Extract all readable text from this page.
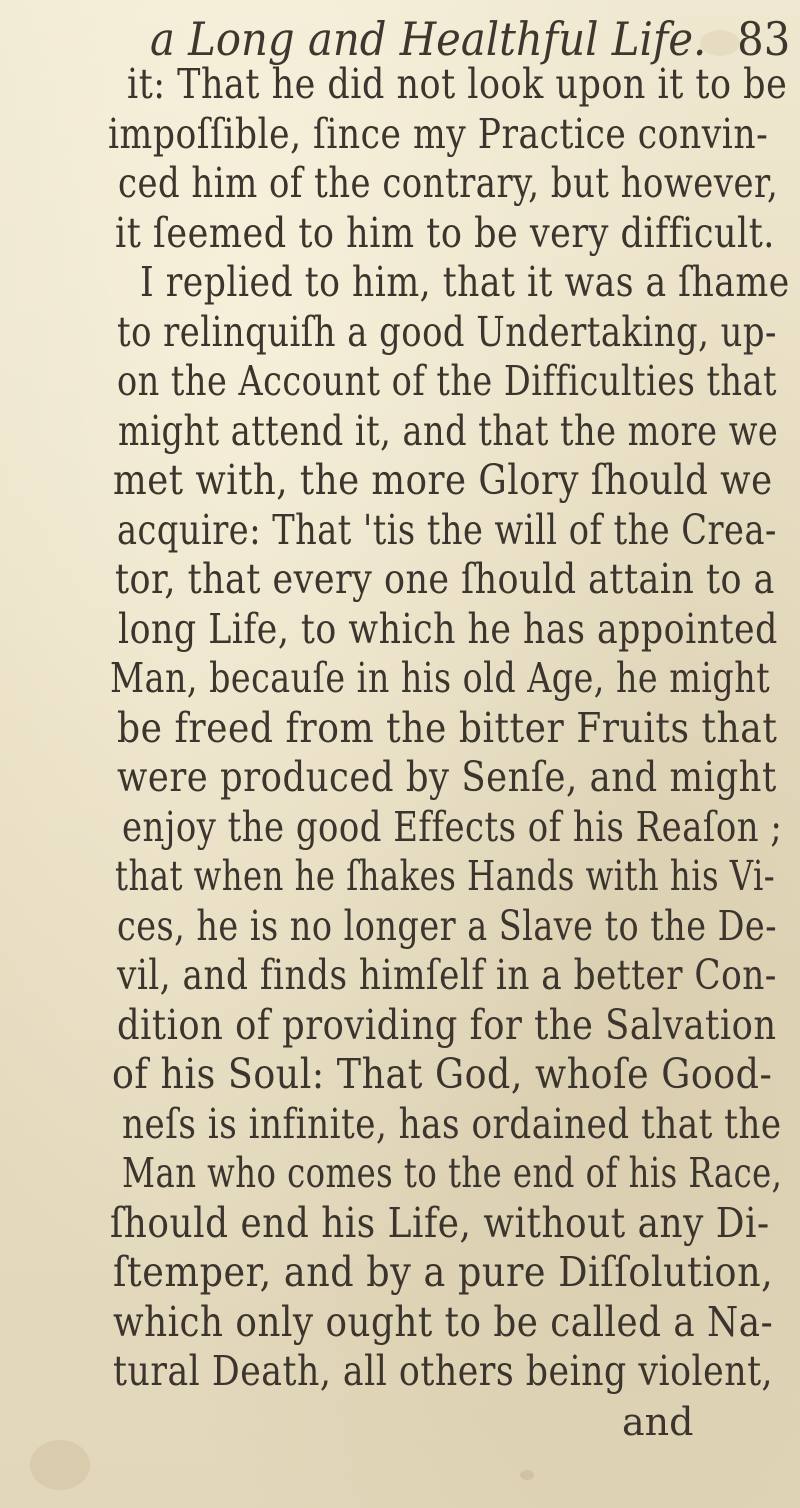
a Long and Healthful Life. 83
it: That he did not look upon it to be
impoſſible, ſince my Practice convin-
ced him of the contrary, but however,
it ſeemed to him to be very difficult.
I replied to him, that it was a ſhame
to relinquiſh a good Undertaking, up-
on the Account of the Difficulties that
might attend it, and that the more we
met with, the more Glory ſhould we
acquire: That 'tis the will of the Crea-
tor, that every one ſhould attain to a
long Life, to which he has appointed
Man, becauſe in his old Age, he might
be freed from the bitter Fruits that
were produced by Senſe, and might
enjoy the good Effects of his Reaſon ;
that when he ſhakes Hands with his Vi-
ces, he is no longer a Slave to the De-
vil, and finds himſelf in a better Con-
dition of providing for the Salvation
of his Soul: That God, whoſe Good-
neſs is infinite, has ordained that the
Man who comes to the end of his Race,
ſhould end his Life, without any Di-
ſtemper, and by a pure Diſſolution,
which only ought to be called a Na-
tural Death, all others being violent,
and
